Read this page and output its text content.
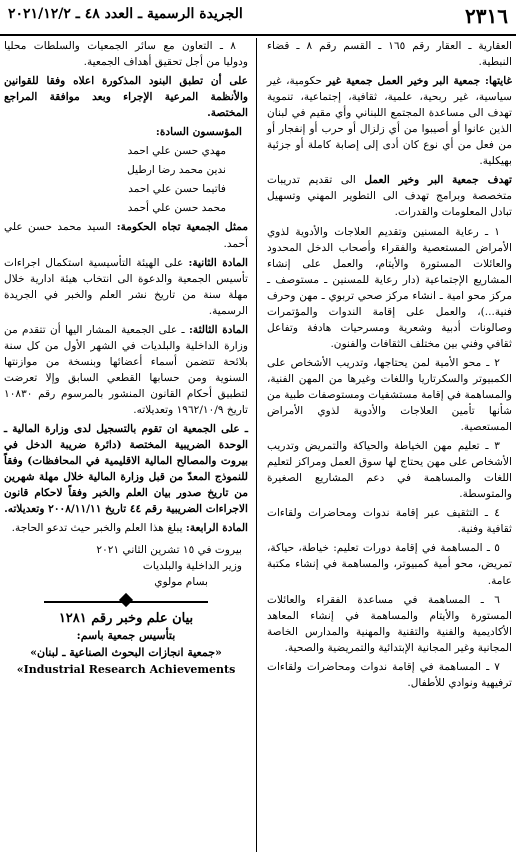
٢٣١٦
الجريدة الرسمية ـ العدد ٤٨ ـ ٢٠٢١/١٢/٢

العقارية ـ العقار رقم ١٦٥ ـ القسم رقم ٨ ـ قضاء النبطية.

غايتها: جمعية البر وخير العمل جمعية غير حكومية، غير سياسية، غير ربحية، علمية، ثقافية، إجتماعية، تنموية تهدف الى مساعدة المجتمع اللبناني وأي مقيم في لبنان الذين عانوا أو أصيبوا من أي زلزال أو حرب أو إنفجار أو من فعل من أي نوع كان أدى إلى إصابة كاملة أو جزئية بهيكلية.

تهدف جمعية البر وخير العمل الى تقديم تدريبات متخصصة وبرامج تهدف الى التطوير المهني وتسهيل تبادل المعلومات والقدرات.

١ ـ رعاية المسنين وتقديم العلاجات والأدوية لذوي الأمراض المستعصية والفقراء وأصحاب الدخل المحدود والعائلات المستورة والأيتام، والعمل على إنشاء المشاريع الإجتماعية (دار رعاية للمسنين ـ مستوصف ـ مركز محو امية ـ انشاء مركز صحي تربوي ـ مهن وحرف فنية...)، والعمل على إقامة الندوات والمؤتمرات وصالونات أدبية وشعرية ومسرحيات هادفة وتفاعل ثقافي وفني بين مختلف الثقافات والفنون.

٢ ـ محو الأمية لمن يحتاجها، وتدريب الأشخاص على الكمبيوتر والسكرتاريا واللغات وغيرها من المهن الفنية، والمساهمة في إقامة مستشفيات ومستوصفات طبية من شأنها تأمين العلاجات والأدوية لذوي الأمراض المستعصية.

٣ ـ تعليم مهن الخياطة والحياكة والتمريض وتدريب الأشخاص على مهن يحتاج لها سوق العمل ومراكز لتعليم اللغات والمساهمة في دعم المشاريع الصغيرة والمتوسطة.

٤ ـ التثقيف عبر إقامة ندوات ومحاضرات ولقاءات ثقافية وفنية.

٥ ـ المساهمة في إقامة دورات تعليم: خياطة، حياكة، تمريض، محو أمية كمبيوتر، والمساهمة في إنشاء مكتبة عامة.

٦ ـ المساهمة في مساعدة الفقراء والعائلات المستورة والأيتام والمساهمة في إنشاء المعاهد الأكاديمية والفنية والتقنية والمهنية والمدارس الخاصة المجانية وغير المجانية الإبتدائية والتمريضية والصحية.

٧ ـ المساهمة في إقامة ندوات ومحاضرات ولقاءات ترفيهية ونوادي للأطفال.

٨ ـ التعاون مع سائر الجمعيات والسلطات محليا ودوليا من أجل تحقيق أهداف الجمعية.

على أن تطبق البنود المذكورة اعلاه وفقا للقوانين والأنظمة المرعية الإجراء وبعد موافقة المراجع المختصة.

المؤسسون السادة:

مهدي حسن علي احمد

ندين محمد رضا ارطيل

فاتيما حسن علي احمد

محمد حسن علي أحمد

ممثل الجمعية تجاه الحكومة: السيد محمد حسن علي أحمد.

المادة الثانية: على الهيئة التأسيسية استكمال اجراءات تأسيس الجمعية والدعوة الى انتخاب هيئة ادارية خلال مهلة سنة من تاريخ نشر العلم والخبر في الجريدة الرسمية.

المادة الثالثة: ـ على الجمعية المشار اليها أن تتقدم من وزارة الداخلية والبلديات في الشهر الأول من كل سنة بلائحة تتضمن أسماء أعضائها وبنسخة من موازنتها السنوية ومن حسابها القطعي السابق وإلا تعرضت لتطبيق أحكام القانون المنشور بالمرسوم رقم ١٠٨٣٠ تاريخ ١٩٦٢/١٠/٩ وتعديلاته.

ـ على الجمعية ان تقوم بالتسجيل لدى وزارة المالية ـ الوحدة الضريبية المختصة (دائرة ضريبة الدخل في بيروت والمصالح المالية الاقليمية في المحافظات) وفقاً للنموذج المعدّ من قبل وزارة المالية خلال مهلة شهرين من تاريخ صدور بيان العلم والخبر وفقاً لاحكام قانون الاجراءات الضريبية رقم ٤٤ تاريخ ٢٠٠٨/١١/١١ وتعديلاته.

المادة الرابعة: يبلغ هذا العلم والخبر حيث تدعو الحاجة.

بيروت في ١٥ تشرين الثاني ٢٠٢١

وزير الداخلية والبلديات

بسام مولوي

بيان علم وخبر رقم ١٢٨١

بتأسيس جمعية باسم:

«جمعية انجازات البحوث الصناعية ـ لبنان»

«Industrial Research Achievements
